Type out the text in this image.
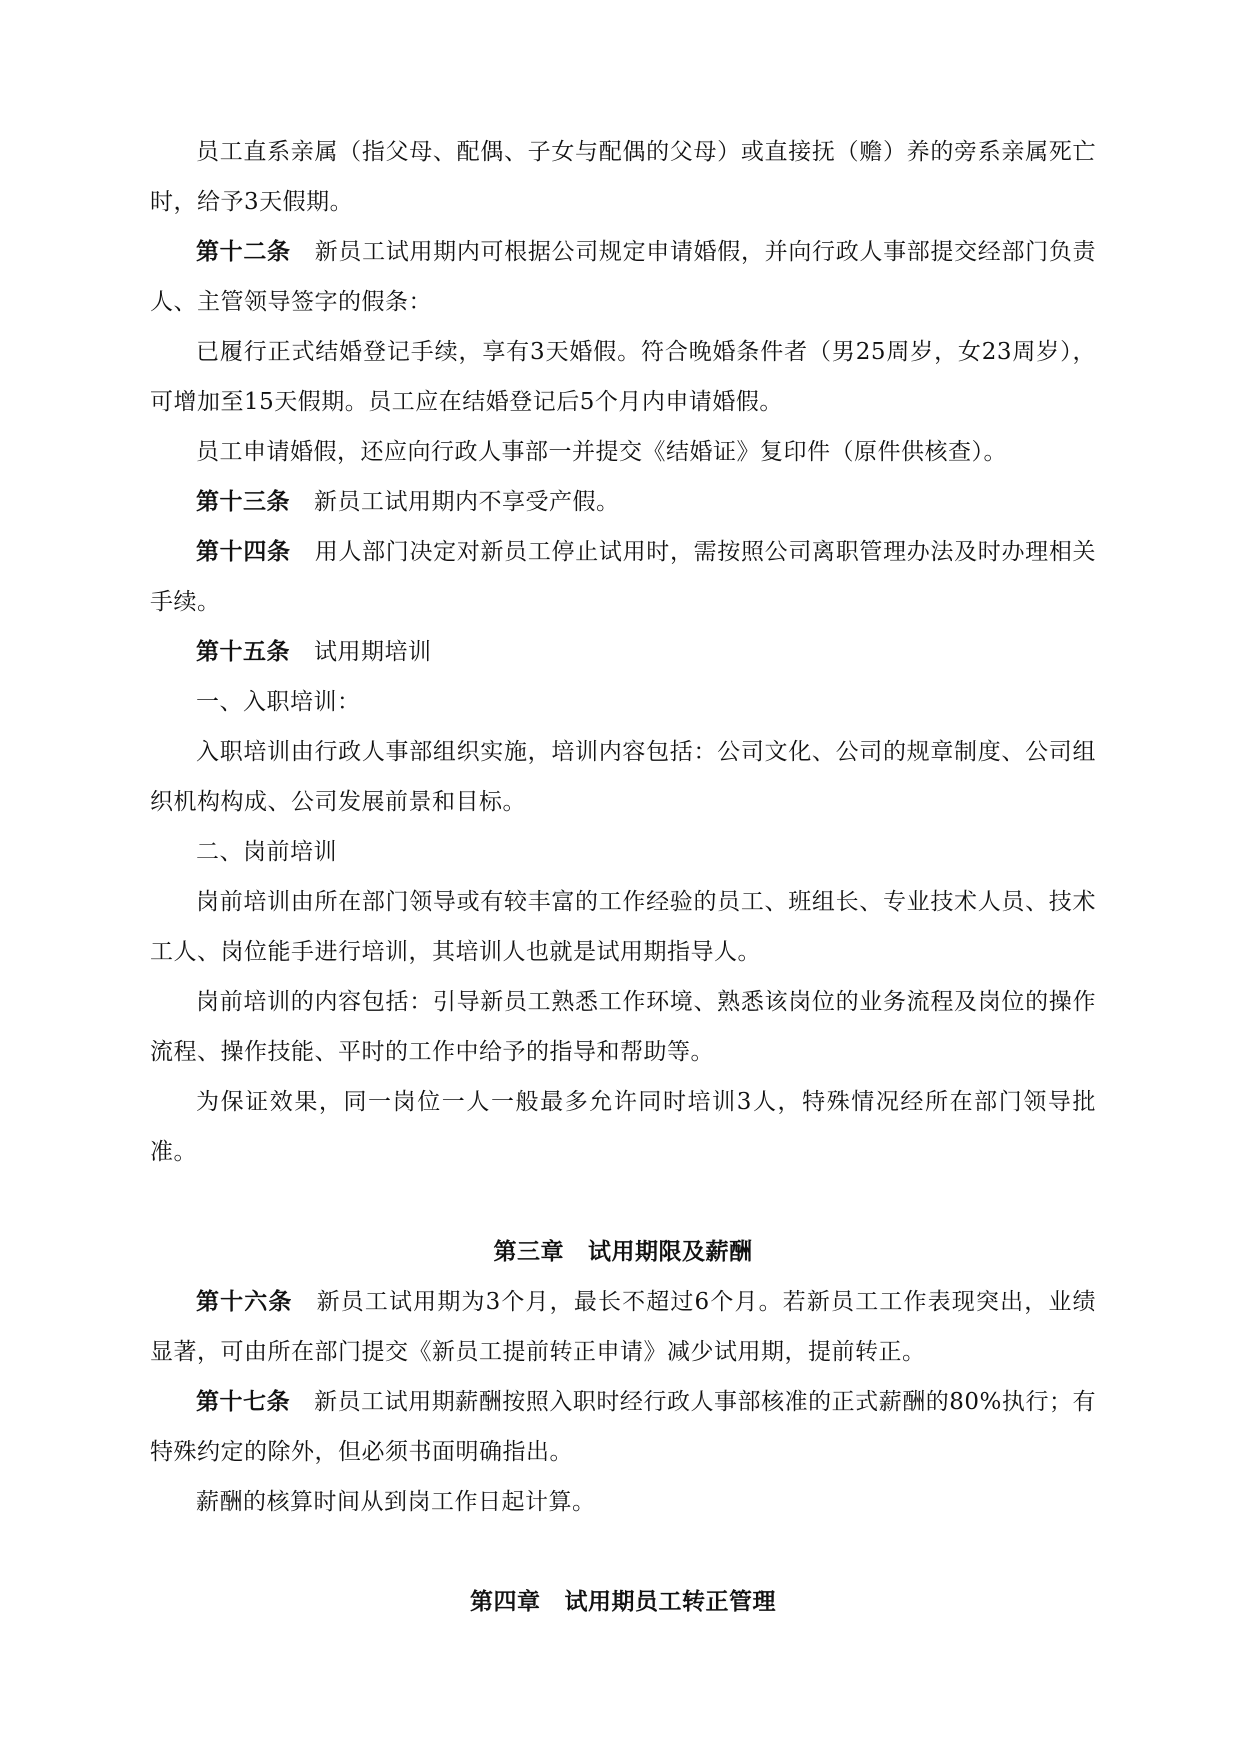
员工直系亲属（指父母、配偶、子女与配偶的父母）或直接抚（赡）养的旁系亲属死亡时，给予3天假期。

第十二条 新员工试用期内可根据公司规定申请婚假，并向行政人事部提交经部门负责人、主管领导签字的假条：

已履行正式结婚登记手续，享有3天婚假。符合晚婚条件者（男25周岁，女23周岁），可增加至15天假期。员工应在结婚登记后5个月内申请婚假。

员工申请婚假，还应向行政人事部一并提交《结婚证》复印件（原件供核查）。

第十三条 新员工试用期内不享受产假。

第十四条 用人部门决定对新员工停止试用时，需按照公司离职管理办法及时办理相关手续。

第十五条 试用期培训

一、入职培训：

入职培训由行政人事部组织实施，培训内容包括：公司文化、公司的规章制度、公司组织机构构成、公司发展前景和目标。

二、岗前培训

岗前培训由所在部门领导或有较丰富的工作经验的员工、班组长、专业技术人员、技术工人、岗位能手进行培训，其培训人也就是试用期指导人。

岗前培训的内容包括：引导新员工熟悉工作环境、熟悉该岗位的业务流程及岗位的操作流程、操作技能、平时的工作中给予的指导和帮助等。

为保证效果，同一岗位一人一般最多允许同时培训3人，特殊情况经所在部门领导批准。

第三章 试用期限及薪酬

第十六条 新员工试用期为3个月，最长不超过6个月。若新员工工作表现突出，业绩显著，可由所在部门提交《新员工提前转正申请》减少试用期，提前转正。

第十七条 新员工试用期薪酬按照入职时经行政人事部核准的正式薪酬的80%执行；有特殊约定的除外，但必须书面明确指出。

薪酬的核算时间从到岗工作日起计算。

第四章 试用期员工转正管理
